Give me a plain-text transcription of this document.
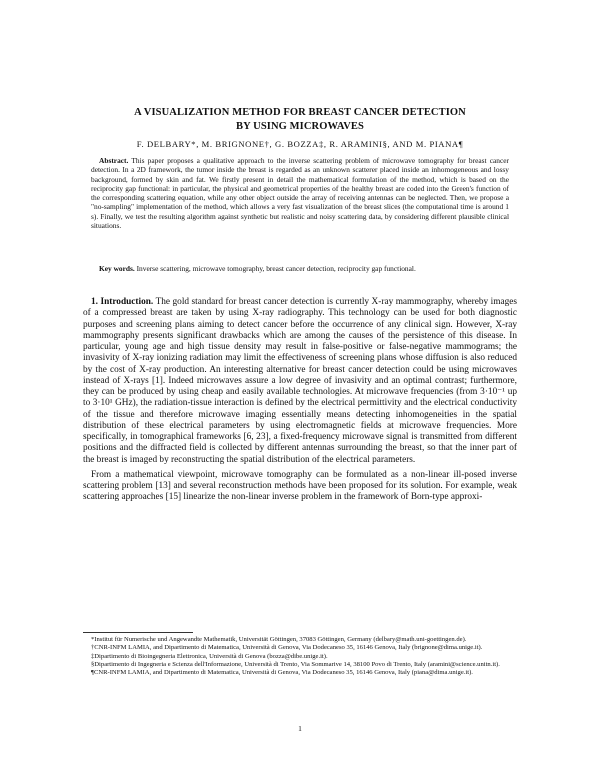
A VISUALIZATION METHOD FOR BREAST CANCER DETECTION
BY USING MICROWAVES
F. DELBARY*, M. BRIGNONE†, G. BOZZA‡, R. ARAMINI§, AND M. PIANA¶
Abstract. This paper proposes a qualitative approach to the inverse scattering problem of microwave tomography for breast cancer detection. In a 2D framework, the tumor inside the breast is regarded as an unknown scatterer placed inside an inhomogeneous and lossy background, formed by skin and fat. We firstly present in detail the mathematical formulation of the method, which is based on the reciprocity gap functional: in particular, the physical and geometrical properties of the healthy breast are coded into the Green's function of the corresponding scattering equation, while any other object outside the array of receiving antennas can be neglected. Then, we propose a "no-sampling" implementation of the method, which allows a very fast visualization of the breast slices (the computational time is around 1 s). Finally, we test the resulting algorithm against synthetic but realistic and noisy scattering data, by considering different plausible clinical situations.
Key words. Inverse scattering, microwave tomography, breast cancer detection, reciprocity gap functional.

1. Introduction. The gold standard for breast cancer detection is currently X-ray mammography, whereby images of a compressed breast are taken by using X-ray radiography. This technology can be used for both diagnostic purposes and screening plans aiming to detect cancer before the occurrence of any clinical sign. However, X-ray mammography presents significant drawbacks which are among the causes of the persistence of this disease. In particular, young age and high tissue density may result in false-positive or false-negative mammograms; the invasivity of X-ray ionizing radiation may limit the effectiveness of screening plans whose diffusion is also reduced by the cost of X-ray production. An interesting alternative for breast cancer detection could be using microwaves instead of X-rays [1]. Indeed microwaves assure a low degree of invasivity and an optimal contrast; furthermore, they can be produced by using cheap and easily available technologies. At microwave frequencies (from 3·10⁻¹ up to 3·10¹ GHz), the radiation-tissue interaction is defined by the electrical permittivity and the electrical conductivity of the tissue and therefore microwave imaging essentially means detecting inhomogeneities in the spatial distribution of these electrical parameters by using electromagnetic fields at microwave frequencies. More specifically, in tomographical frameworks [6, 23], a fixed-frequency microwave signal is transmitted from different positions and the diffracted field is collected by different antennas surrounding the breast, so that the inner part of the breast is imaged by reconstructing the spatial distribution of the electrical parameters.

From a mathematical viewpoint, microwave tomography can be formulated as a non-linear ill-posed inverse scattering problem [13] and several reconstruction methods have been proposed for its solution. For example, weak scattering approaches [15] linearize the non-linear inverse problem in the framework of Born-type approxi-

*Institut für Numerische und Angewandte Mathematik, Universität Göttingen, 37083 Göttingen, Germany (delbary@math.uni-goettingen.de).

†CNR-INFM LAMIA, and Dipartimento di Matematica, Università di Genova, Via Dodecaneso 35, 16146 Genova, Italy (brignone@dima.unige.it).

‡Dipartimento di Bioingegneria Elettronica, Università di Genova (bozza@dibe.unige.it).

§Dipartimento di Ingegneria e Scienza dell'Informazione, Università di Trento, Via Sommarive 14, 38100 Povo di Trento, Italy (aramini@science.unitn.it).

¶CNR-INFM LAMIA, and Dipartimento di Matematica, Università di Genova, Via Dodecaneso 35, 16146 Genova, Italy (piana@dima.unige.it).

1
